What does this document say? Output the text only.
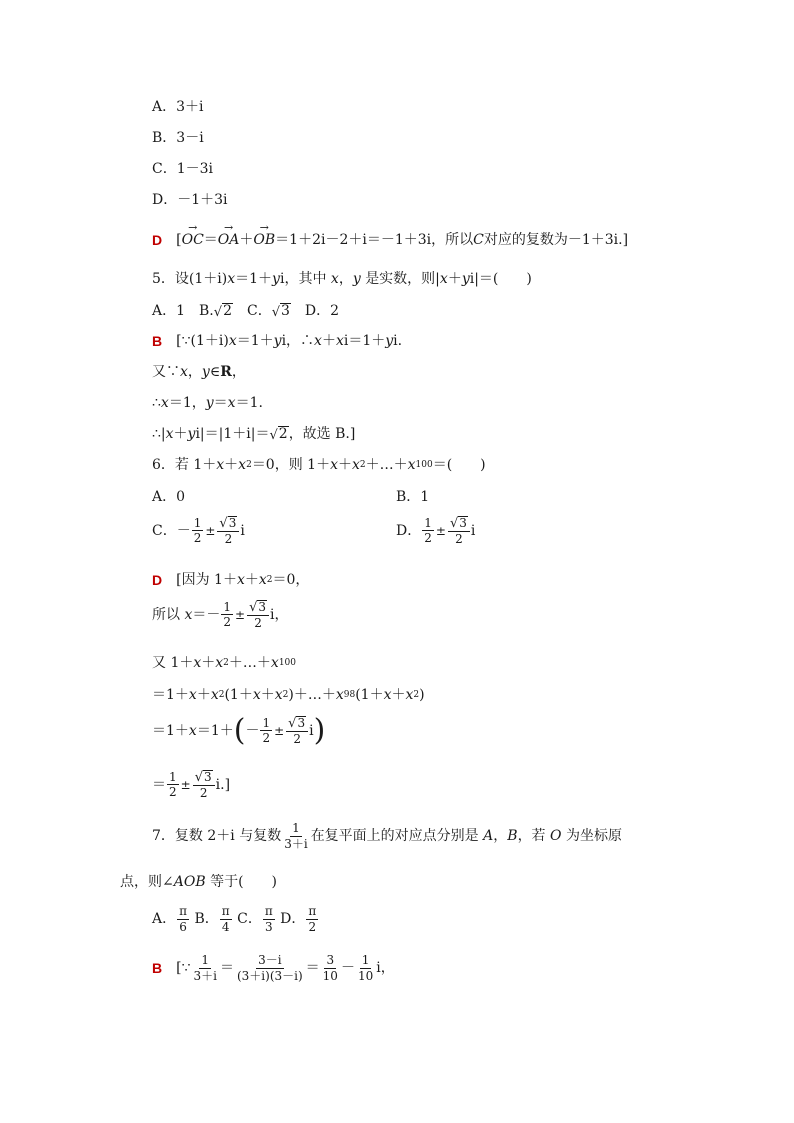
A．3＋i
B．3－i
C．1－3i
D．－1＋3i
D [ → OC ＝ → OA ＋ → OB ＝1＋2i－2＋i＝－1＋3i，所以 C 对应的复数为－1＋3i.]
5．设(1＋i) x ＝1＋ y i，其中
x ， y
是实数，则| x ＋ y i|＝(　　)
A．1　B. √ 2 　C． √ 3 　D．2
B [∵(1＋i) x ＝1＋ y i，∴ x ＋ x i＝1＋ y i.
又∵ x ， y ∈ R ，
∴ x ＝1， y ＝ x ＝1.
∴| x ＋ y i|＝|1＋i|＝ √ 2 ，故选 B.]
6．若 1＋ x ＋ x 2 ＝0，则 1＋ x ＋ x 2 ＋…＋ x 100 ＝(　　)
A．0	B．1
C．－ $\frac{1}{2} \pm \frac{√ 3}{2}$ i	D． $\frac{1}{2} \pm \frac{√ 3}{2}$ i
D [因为 1＋ x ＋ x 2 ＝0，
所以
$x =- \frac{1}{2} \pm \frac{√ 3}{2}$ i，
又 1＋ x ＋ x 2 ＋…＋ x 100
＝1＋ x ＋ x 2 (1＋ x ＋ x 2 )＋…＋ x 98 (1＋ x ＋ x 2 )
＝1＋ x ＝1＋ ( － $\frac{1}{2} \pm \frac{√ 3}{2}$ i )
＝ $\frac{1}{2} \pm \frac{√ 3}{2} i$.]
7．复数 2＋i 与复数 $\frac{1}{3+i}$ 在复平面上的对应点分别是
A ， B ，若
O
为坐标原
点，则∠ AOB
等于(　　)
A． $\frac{\pi}{6}$
B． $\frac{\pi}{4}$
C． $\frac{\pi}{3}$
D． $\frac{\pi}{2}$
B [∵ $\frac{1}{3+i} = \frac{3-i}{(3+i)(3-i)} = \frac{3}{10} - \frac{1}{10}$ i，
